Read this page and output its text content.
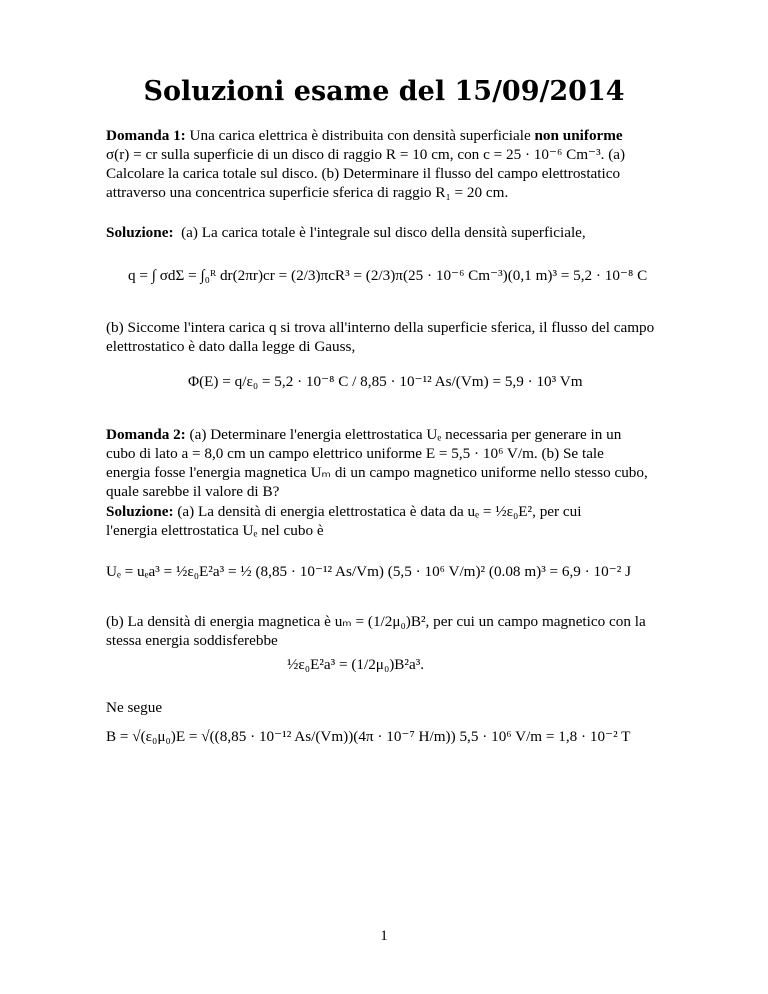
Soluzioni esame del 15/09/2014
Domanda 1: Una carica elettrica è distribuita con densità superficiale non uniforme
σ(r) = cr sulla superficie di un disco di raggio R = 10 cm, con c = 25 · 10⁻⁶ Cm⁻³. (a)
Calcolare la carica totale sul disco. (b) Determinare il flusso del campo elettrostatico
attraverso una concentrica superficie sferica di raggio R₁ = 20 cm.
Soluzione: (a) La carica totale è l'integrale sul disco della densità superficiale,
q = ∫ σdΣ = ∫₀ᴿ dr(2πr)cr = (2/3)πcR³ = (2/3)π(25 · 10⁻⁶ Cm⁻³)(0,1 m)³ = 5,2 · 10⁻⁸ C
(b) Siccome l'intera carica q si trova all'interno della superficie sferica, il flusso del campo
elettrostatico è dato dalla legge di Gauss,
Φ(E) = q/ε₀ = 5,2 · 10⁻⁸ C / 8,85 · 10⁻¹² As/(Vm) = 5,9 · 10³ Vm
Domanda 2: (a) Determinare l'energia elettrostatica Uₑ necessaria per generare in un
cubo di lato a = 8,0 cm un campo elettrico uniforme E = 5,5 · 10⁶ V/m. (b) Se tale
energia fosse l'energia magnetica Uₘ di un campo magnetico uniforme nello stesso cubo,
quale sarebbe il valore di B?
Soluzione: (a) La densità di energia elettrostatica è data da uₑ = ½ε₀E², per cui
l'energia elettrostatica Uₑ nel cubo è
Uₑ = uₑa³ = ½ε₀E²a³ = ½ (8,85 · 10⁻¹² As/Vm) (5,5 · 10⁶ V/m)² (0.08 m)³ = 6,9 · 10⁻² J
(b) La densità di energia magnetica è uₘ = (1/2μ₀)B², per cui un campo magnetico con la
stessa energia soddisferebbe
½ε₀E²a³ = (1/2μ₀)B²a³.
Ne segue
B = √(ε₀μ₀)E = √((8,85 · 10⁻¹² As/(Vm))(4π · 10⁻⁷ H/m)) 5,5 · 10⁶ V/m = 1,8 · 10⁻² T
1
